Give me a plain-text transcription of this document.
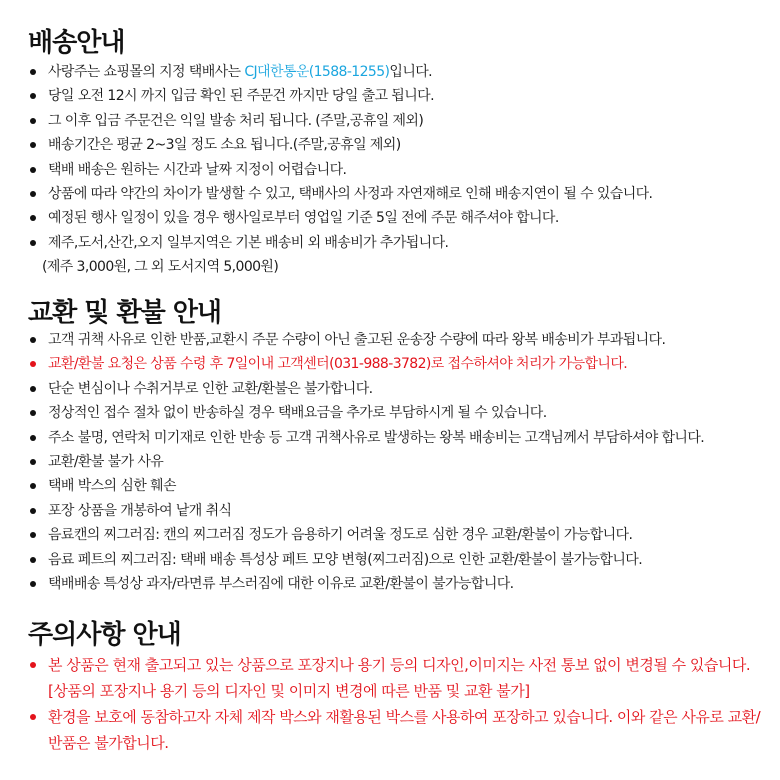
배송안내
사랑주는 쇼핑몰의 지정 택배사는 CJ대한통운(1588-1255)입니다.
당일 오전 12시 까지 입금 확인 된 주문건 까지만 당일 출고 됩니다.
그 이후 입금 주문건은 익일 발송 처리 됩니다. (주말,공휴일 제외)
배송기간은 평균 2~3일 정도 소요 됩니다.(주말,공휴일 제외)
택배 배송은 원하는 시간과 날짜 지정이 어렵습니다.
상품에 따라 약간의 차이가 발생할 수 있고, 택배사의 사정과 자연재해로 인해 배송지연이 될 수 있습니다.
예정된 행사 일정이 있을 경우 행사일로부터 영업일 기준 5일 전에 주문 해주셔야 합니다.
제주,도서,산간,오지 일부지역은 기본 배송비 외 배송비가 추가됩니다.
(제주 3,000원, 그 외 도서지역 5,000원)
교환 및 환불 안내
고객 귀책 사유로 인한 반품,교환시 주문 수량이 아닌 출고된 운송장 수량에 따라 왕복 배송비가 부과됩니다.
교환/환불 요청은 상품 수령 후 7일이내 고객센터(031-988-3782)로 접수하셔야 처리가 가능합니다.
단순 변심이나 수취거부로 인한 교환/환불은 불가합니다.
정상적인 접수 절차 없이 반송하실 경우 택배요금을 추가로 부담하시게 될 수 있습니다.
주소 불명, 연락처 미기재로 인한 반송 등 고객 귀책사유로 발생하는 왕복 배송비는 고객님께서 부담하셔야 합니다.
교환/환불 불가 사유
택배 박스의 심한 훼손
포장 상품을 개봉하여 낱개 취식
음료캔의 찌그러짐: 캔의 찌그러짐 정도가 음용하기 어려울 정도로 심한 경우 교환/환불이 가능합니다.
음료 페트의 찌그러짐: 택배 배송 특성상 페트 모양 변형(찌그러짐)으로 인한 교환/환불이 불가능합니다.
택배배송 특성상 과자/라면류 부스러짐에 대한 이유로 교환/환불이 불가능합니다.
주의사항 안내
본 상품은 현재 출고되고 있는 상품으로 포장지나 용기 등의 디자인,이미지는 사전 통보 없이 변경될 수 있습니다. [상품의 포장지나 용기 등의 디자인 및 이미지 변경에 따른 반품 및 교환 불가]
환경을 보호에 동참하고자 자체 제작 박스와 재활용된 박스를 사용하여 포장하고 있습니다. 이와 같은 사유로 교환/ 반품은 불가합니다.
